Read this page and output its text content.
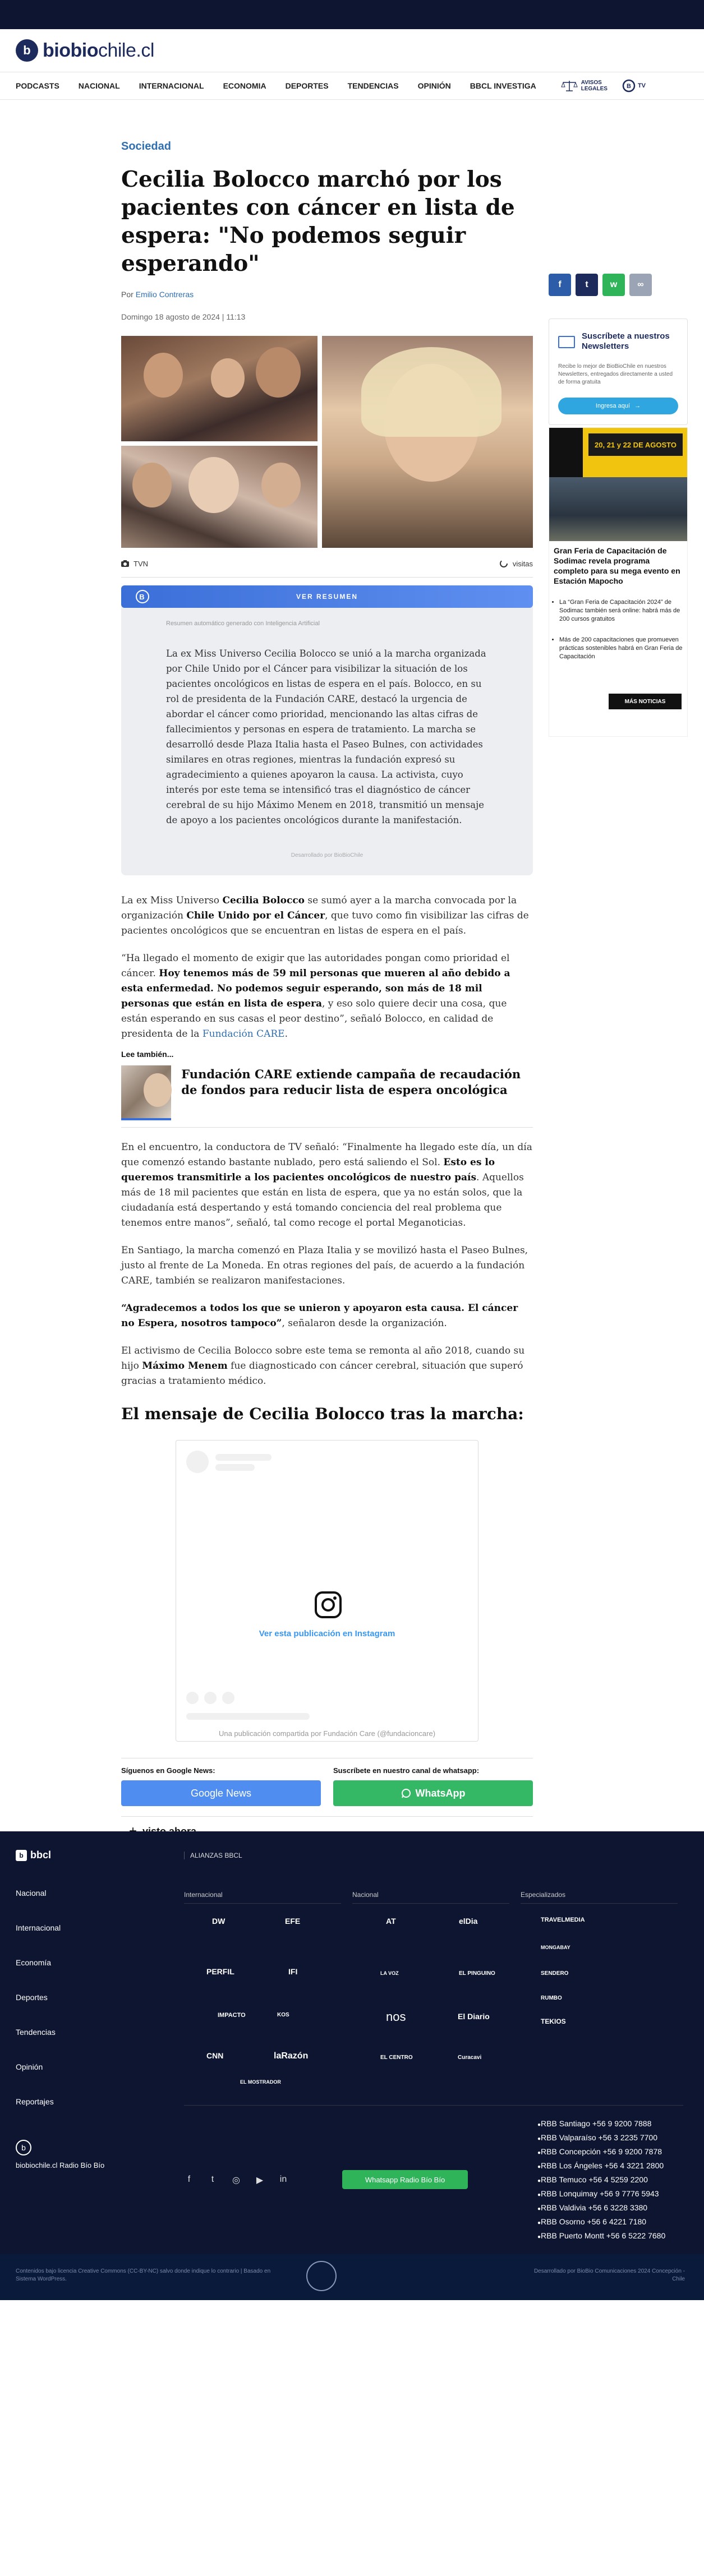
b biobiochile.cl
PODCASTS NACIONAL INTERNACIONAL ECONOMIA DEPORTES TENDENCIAS OPINIÓN BBCL INVESTIGA	AVISOS
LEGALES	B TV
Sociedad
Cecilia Bolocco marchó por los pacientes con cáncer en lista de espera: "No podemos seguir esperando"
Por Emilio Contreras
Domingo 18 agosto de 2024 | 11:13
TVN	visitas
B	VER RESUMEN
Resumen automático generado con Inteligencia Artificial
La ex Miss Universo Cecilia Bolocco se unió a la marcha organizada por Chile Unido por el Cáncer para visibilizar la situación de los pacientes oncológicos en listas de espera en el país. Bolocco, en su rol de presidenta de la Fundación CARE, destacó la urgencia de abordar el cáncer como prioridad, mencionando las altas cifras de fallecimientos y personas en espera de tratamiento. La marcha se desarrolló desde Plaza Italia hasta el Paseo Bulnes, con actividades similares en otras regiones, mientras la fundación expresó su agradecimiento a quienes apoyaron la causa. La activista, cuyo interés por este tema se intensificó tras el diagnóstico de cáncer cerebral de su hijo Máximo Menem en 2018, transmitió un mensaje de apoyo a los pacientes oncológicos durante la manifestación.
Desarrollado por BioBioChile

La ex Miss Universo Cecilia Bolocco se sumó ayer a la marcha convocada por la organización Chile Unido por el Cáncer, que tuvo como fin visibilizar las cifras de pacientes oncológicos que se encuentran en listas de espera en el país.

“Ha llegado el momento de exigir que las autoridades pongan como prioridad el cáncer. Hoy tenemos más de 59 mil personas que mueren al año debido a esta enfermedad. No podemos seguir esperando, son más de 18 mil personas que están en lista de espera, y eso solo quiere decir una cosa, que están esperando en sus casas el peor destino”, señaló Bolocco, en calidad de presidenta de la Fundación CARE.

Lee también...
Fundación CARE extiende campaña de recaudación de fondos para reducir lista de espera oncológica

En el encuentro, la conductora de TV señaló: “Finalmente ha llegado este día, un día que comenzó estando bastante nublado, pero está saliendo el Sol. Esto es lo queremos transmitirle a los pacientes oncológicos de nuestro país. Aquellos más de 18 mil pacientes que están en lista de espera, que ya no están solos, que la ciudadanía está despertando y está tomando conciencia del real problema que tenemos entre manos”, señaló, tal como recoge el portal Meganoticias.

En Santiago, la marcha comenzó en Plaza Italia y se movilizó hasta el Paseo Bulnes, justo al frente de La Moneda. En otras regiones del país, de acuerdo a la fundación CARE, también se realizaron manifestaciones.

“Agradecemos a todos los que se unieron y apoyaron esta causa. El cáncer no Espera, nosotros tampoco”, señalaron desde la organización.

El activismo de Cecilia Bolocco sobre este tema se remonta al año 2018, cuando su hijo Máximo Menem fue diagnosticado con cáncer cerebral, situación que superó gracias a tratamiento médico.

El mensaje de Cecilia Bolocco tras la marcha:
Ver esta publicación en Instagram
Una publicación compartida por Fundación Care (@fundacioncare)
Síguenos en Google News:
Google News
Suscríbete en nuestro canal de whatsapp:
WhatsApp
f	t	w	∞
Suscríbete a nuestros Newsletters

Recibe lo mejor de BioBioChile en nuestros Newsletters, entregados directamente a usted de forma gratuita

Ingresa aquí →
20, 21 y 22 DE AGOSTO
Gran Feria de Capacitación de Sodimac revela programa completo para su mega evento en Estación Mapocho
• La “Gran Feria de Capacitación 2024” de Sodimac también será online: habrá más de 200 cursos gratuitos
• Más de 200 capacitaciones que promueven prácticas sostenibles habrá en Gran Feria de Capacitación
MÁS NOTICIAS
b bbcl	ALIANZAS BBCL
Nacional
Internacional
Economía
Deportes
Tendencias
Opinión
Reportajes
b
biobiochile.cl Radio Bío Bío
Internacional	Nacional	Especializados
DW	EFE	AT	elDia	TRAVELMEDIA
MONGABAY
PERFIL	IFI	LA VOZ	EL PINGUINO	SENDERO
IMPACTO	KOS
RUMBO
nos	El Diario
TEKIOS
CNN	laRazón	EL CENTRO	Curacavi
EL MOSTRADOR
f	t	◎ ▶ in	Whatsapp Radio Bío Bío
● RBB Santiago +56 9 9200 7888
● RBB Valparaíso +56 3 2235 7700
● RBB Concepción +56 9 9200 7878
● RBB Los Ángeles +56 4 3221 2800
● RBB Temuco +56 4 5259 2200
● RBB Lonquimay +56 9 7776 5943
● RBB Valdivia +56 6 3228 3380
● RBB Osorno +56 6 4221 7180
● RBB Puerto Montt +56 6 5222 7680
Contenidos bajo licencia Creative Commons (CC-BY-NC) salvo donde indique lo contrario | Basado en Sistema WordPress.
Desarrollado por BioBio Comunicaciones 2024 Concepción - Chile
